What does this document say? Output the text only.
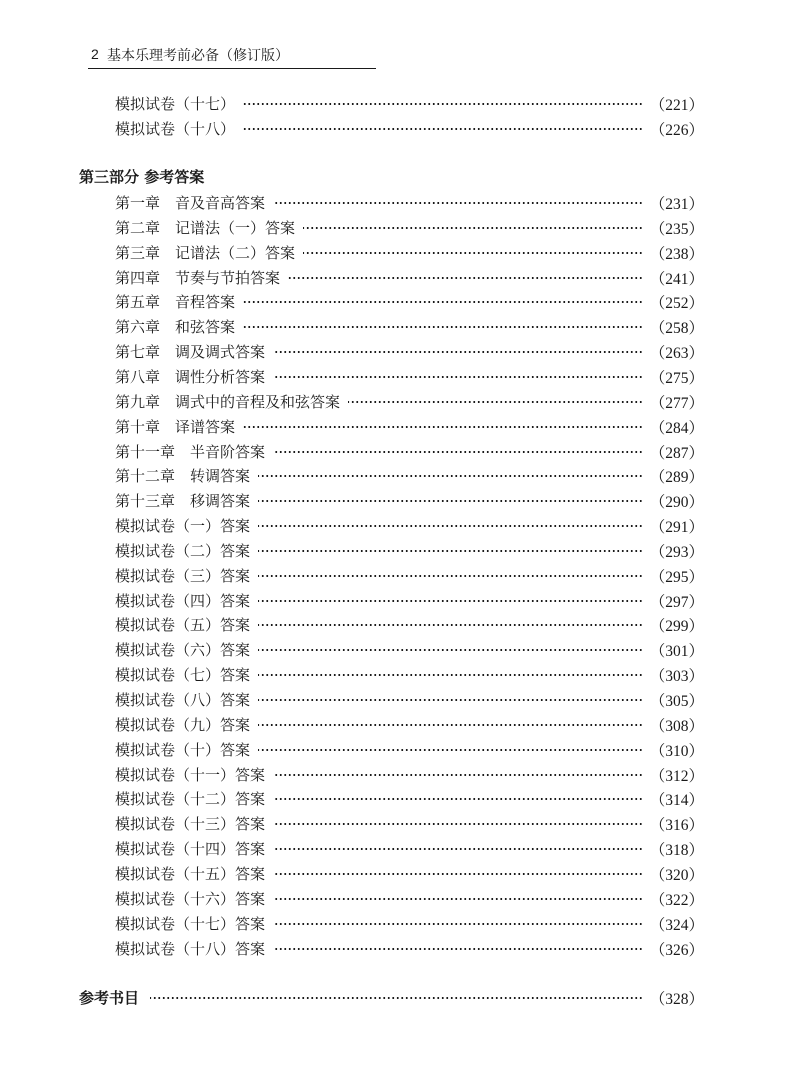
2 基本乐理考前必备（修订版）
模拟试卷（十七）	（221）
模拟试卷（十八）	（226）
第三部分 参考答案
第一章　音及音高答案	（231）
第二章　记谱法（一）答案	（235）
第三章　记谱法（二）答案	（238）
第四章　节奏与节拍答案	（241）
第五章　音程答案	（252）
第六章　和弦答案	（258）
第七章　调及调式答案	（263）
第八章　调性分析答案	（275）
第九章　调式中的音程及和弦答案	（277）
第十章　译谱答案	（284）
第十一章　半音阶答案	（287）
第十二章　转调答案	（289）
第十三章　移调答案	（290）
模拟试卷（一）答案	（291）
模拟试卷（二）答案	（293）
模拟试卷（三）答案	（295）
模拟试卷（四）答案	（297）
模拟试卷（五）答案	（299）
模拟试卷（六）答案	（301）
模拟试卷（七）答案	（303）
模拟试卷（八）答案	（305）
模拟试卷（九）答案	（308）
模拟试卷（十）答案	（310）
模拟试卷（十一）答案	（312）
模拟试卷（十二）答案	（314）
模拟试卷（十三）答案	（316）
模拟试卷（十四）答案	（318）
模拟试卷（十五）答案	（320）
模拟试卷（十六）答案	（322）
模拟试卷（十七）答案	（324）
模拟试卷（十八）答案	（326）
参考书目	（328）
